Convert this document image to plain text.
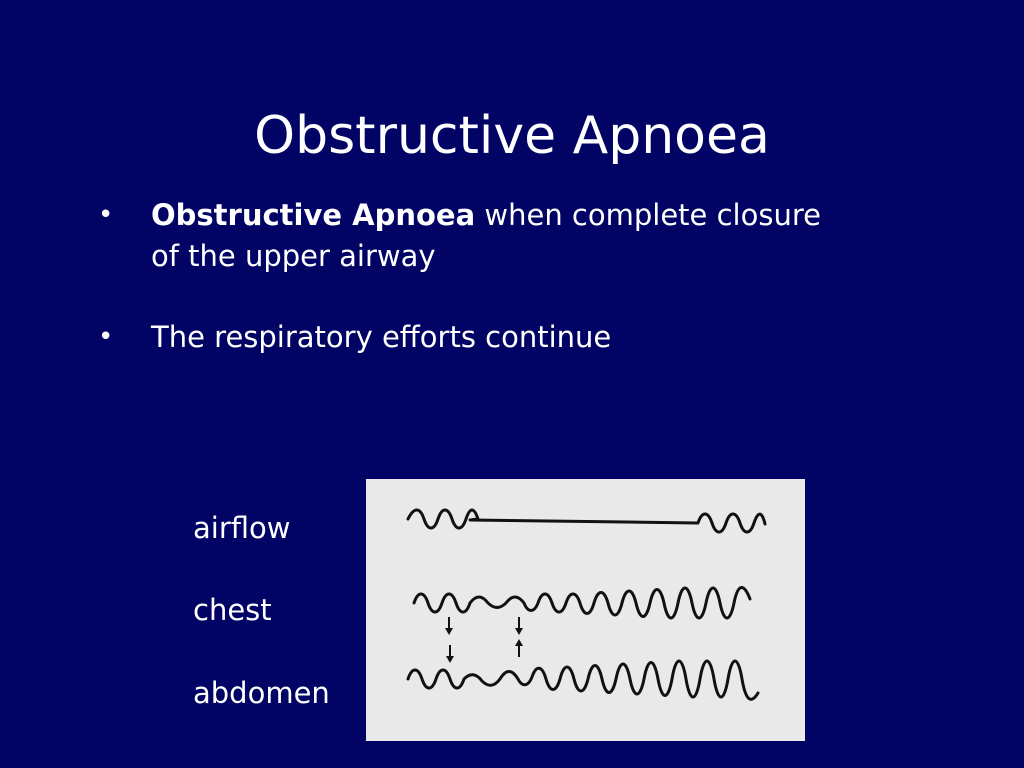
Obstructive Apnoea
• Obstructive Apnoea when complete closure of the upper airway
• The respiratory efforts continue
airflow
chest
abdomen
